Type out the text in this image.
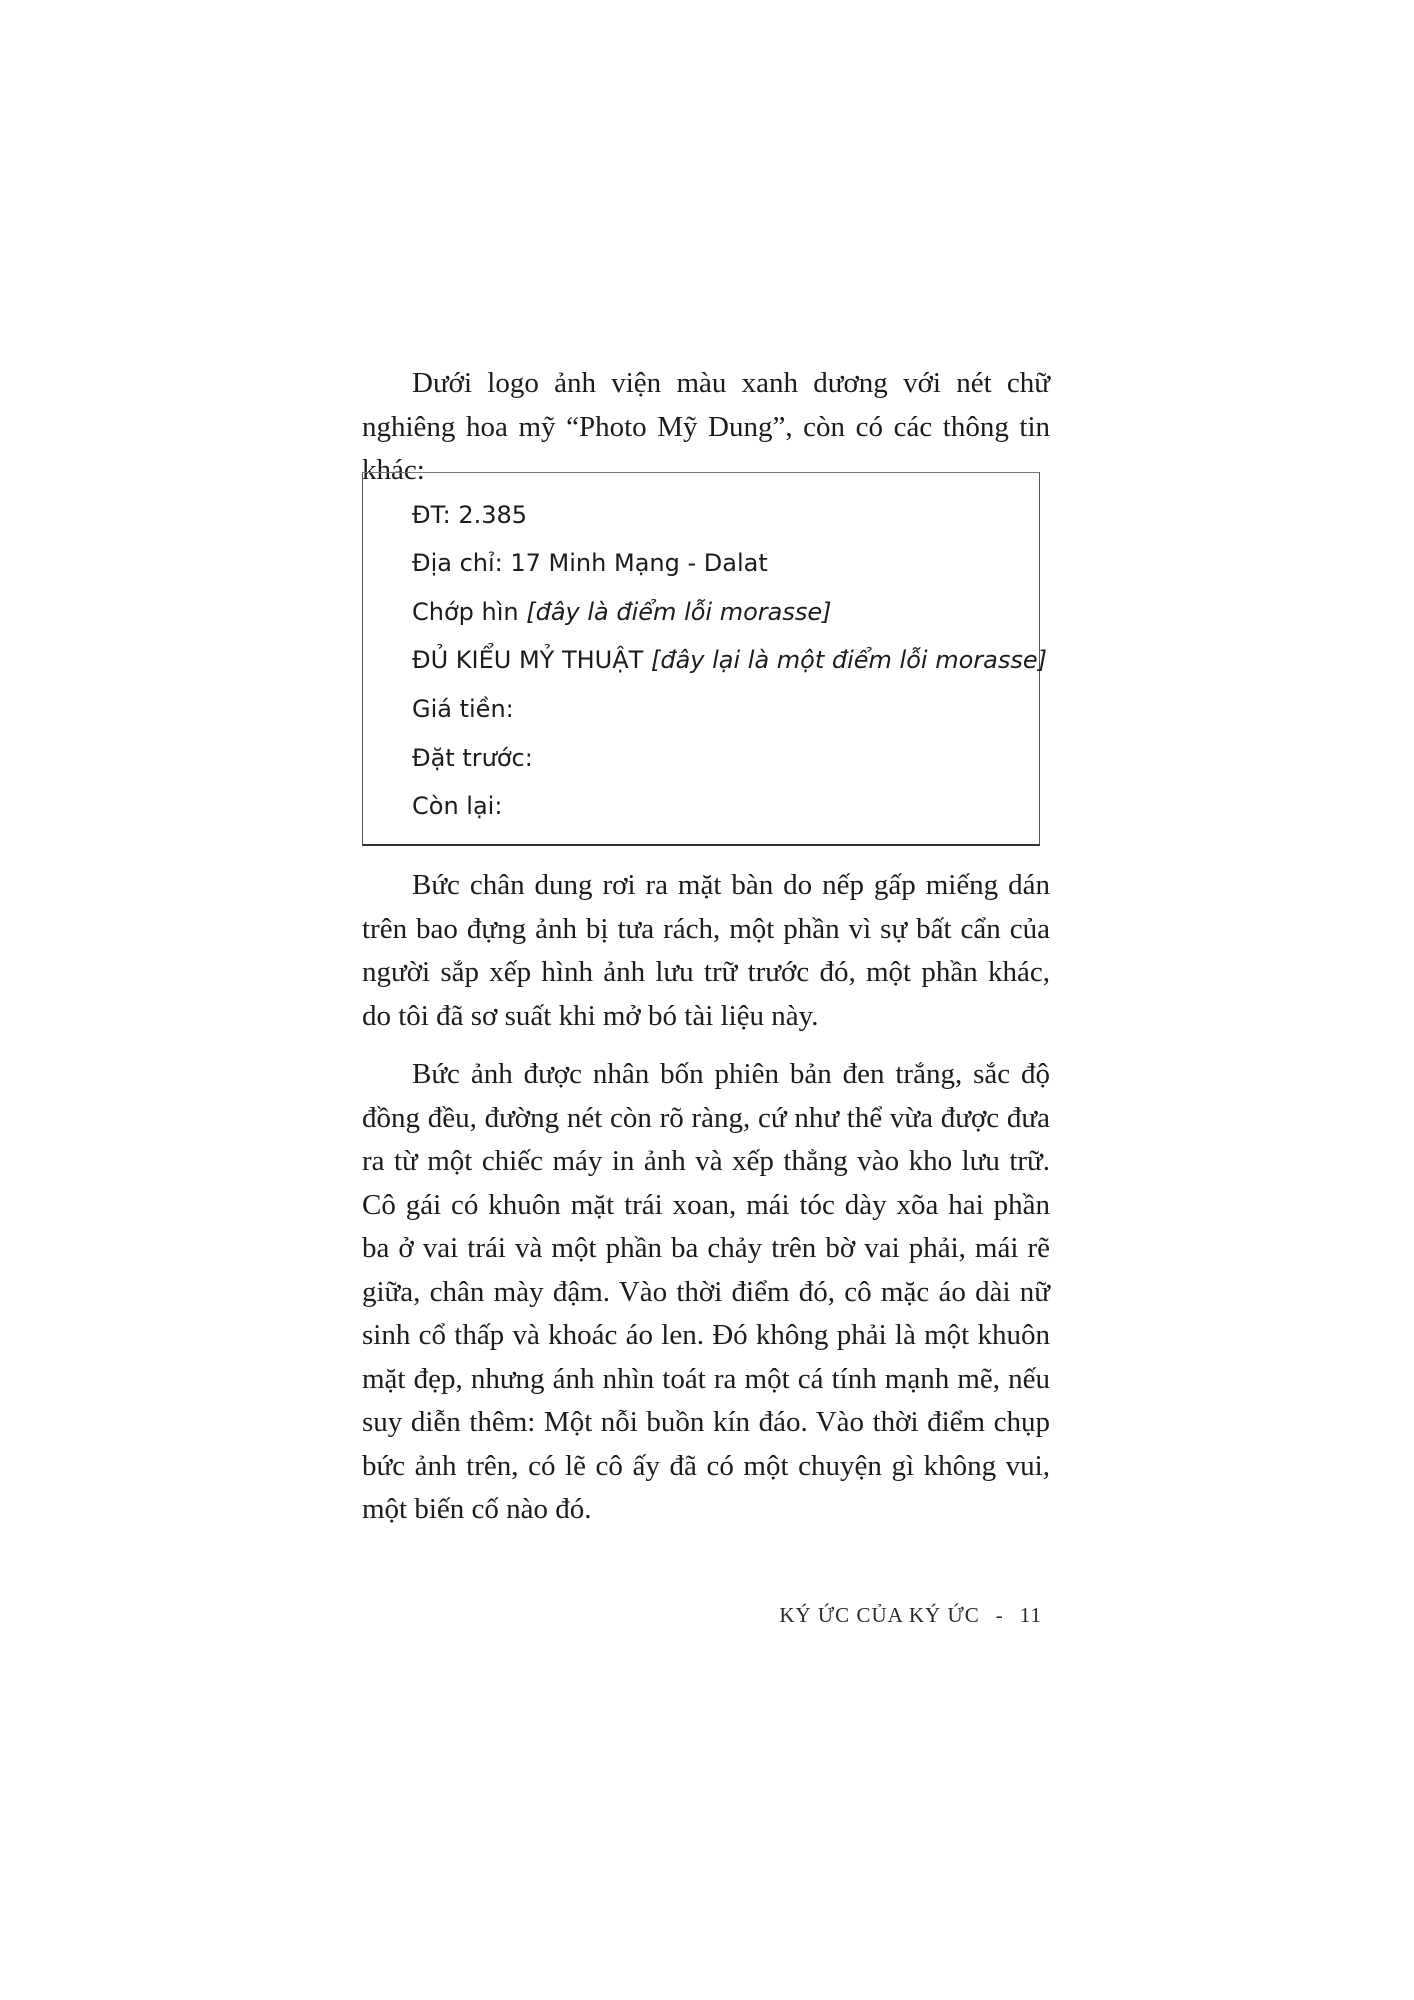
Dưới logo ảnh viện màu xanh dương với nét chữ nghiêng hoa mỹ “Photo Mỹ Dung”, còn có các thông tin khác:

ĐT: 2.385
Địa chỉ: 17 Minh Mạng - Dalat
Chớp hìn [đây là điểm lỗi morasse]
ĐỦ KIỂU MỶ THUẬT [đây lại là một điểm lỗi morasse]
Giá tiền:
Đặt trước:
Còn lại:

Bức chân dung rơi ra mặt bàn do nếp gấp miếng dán trên bao đựng ảnh bị tưa rách, một phần vì sự bất cẩn của người sắp xếp hình ảnh lưu trữ trước đó, một phần khác, do tôi đã sơ suất khi mở bó tài liệu này.

Bức ảnh được nhân bốn phiên bản đen trắng, sắc độ đồng đều, đường nét còn rõ ràng, cứ như thể vừa được đưa ra từ một chiếc máy in ảnh và xếp thẳng vào kho lưu trữ. Cô gái có khuôn mặt trái xoan, mái tóc dày xõa hai phần ba ở vai trái và một phần ba chảy trên bờ vai phải, mái rẽ giữa, chân mày đậm. Vào thời điểm đó, cô mặc áo dài nữ sinh cổ thấp và khoác áo len. Đó không phải là một khuôn mặt đẹp, nhưng ánh nhìn toát ra một cá tính mạnh mẽ, nếu suy diễn thêm: Một nỗi buồn kín đáo. Vào thời điểm chụp bức ảnh trên, có lẽ cô ấy đã có một chuyện gì không vui, một biến cố nào đó.

KÝ ỨC CỦA KÝ ỨC - 11
